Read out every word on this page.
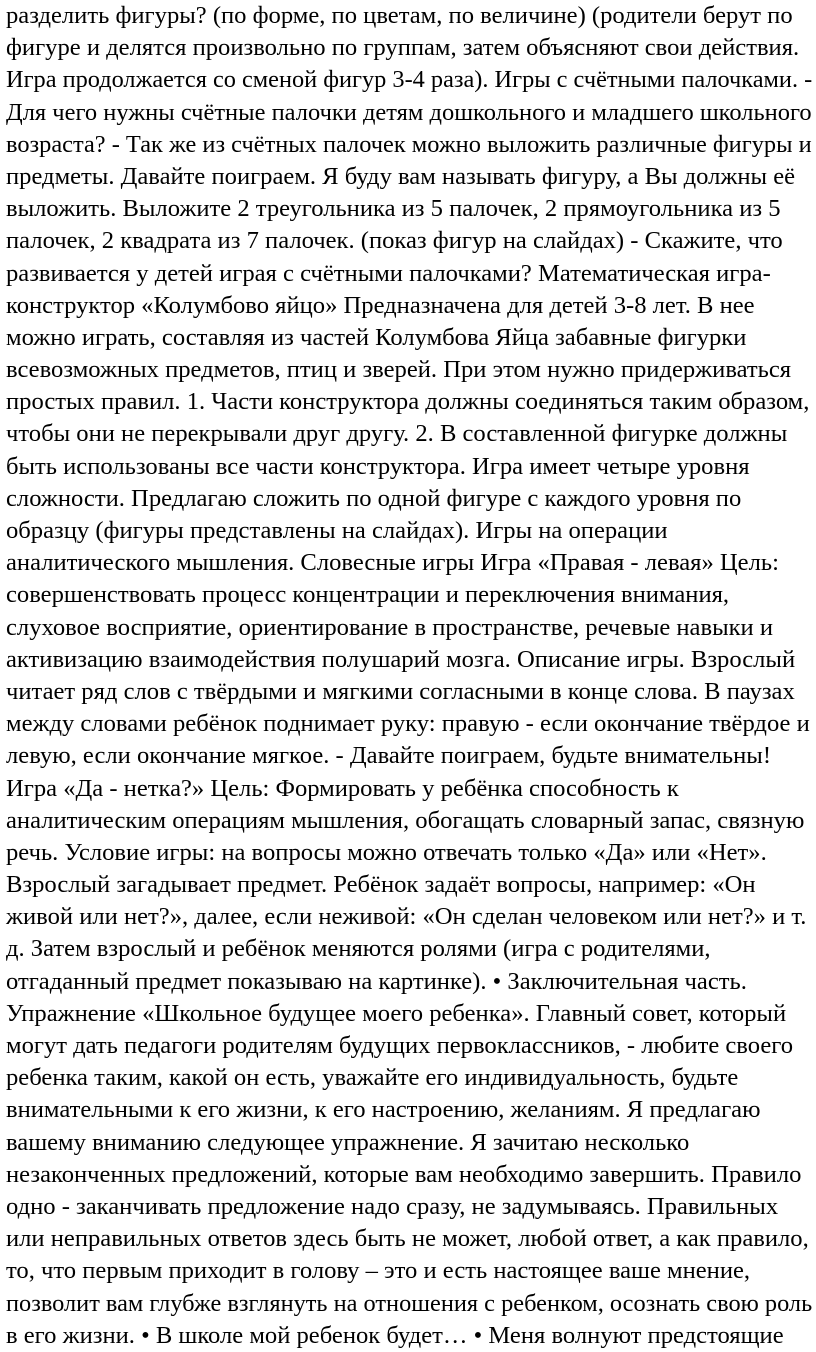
разделить фигуры? (по форме, по цветам, по величине) (родители берут по
фигуре и делятся произвольно по группам, затем объясняют свои действия.
Игра продолжается со сменой фигур 3-4 раза). Игры с счётными палочками. -
Для чего нужны счётные палочки детям дошкольного и младшего школьного
возраста? - Так же из счётных палочек можно выложить различные фигуры и
предметы. Давайте поиграем. Я буду вам называть фигуру, а Вы должны её
выложить. Выложите 2 треугольника из 5 палочек, 2 прямоугольника из 5
палочек, 2 квадрата из 7 палочек. (показ фигур на слайдах) - Скажите, что
развивается у детей играя с счётными палочками? Математическая игра-
конструктор «Колумбово яйцо» Предназначена для детей 3-8 лет. В нее
можно играть, составляя из частей Колумбова Яйца забавные фигурки
всевозможных предметов, птиц и зверей. При этом нужно придерживаться
простых правил. 1. Части конструктора должны соединяться таким образом,
чтобы они не перекрывали друг другу. 2. В составленной фигурке должны
быть использованы все части конструктора. Игра имеет четыре уровня
сложности. Предлагаю сложить по одной фигуре с каждого уровня по
образцу (фигуры представлены на слайдах). Игры на операции
аналитического мышления. Словесные игры Игра «Правая - левая» Цель:
совершенствовать процесс концентрации и переключения внимания,
слуховое восприятие, ориентирование в пространстве, речевые навыки и
активизацию взаимодействия полушарий мозга. Описание игры. Взрослый
читает ряд слов с твёрдыми и мягкими согласными в конце слова. В паузах
между словами ребёнок поднимает руку: правую - если окончание твёрдое и
левую, если окончание мягкое. - Давайте поиграем, будьте внимательны!
Игра «Да - нетка?» Цель: Формировать у ребёнка способность к
аналитическим операциям мышления, обогащать словарный запас, связную
речь. Условие игры: на вопросы можно отвечать только «Да» или «Нет».
Взрослый загадывает предмет. Ребёнок задаёт вопросы, например: «Он
живой или нет?», далее, если неживой: «Он сделан человеком или нет?» и т.
д. Затем взрослый и ребёнок меняются ролями (игра с родителями,
отгаданный предмет показываю на картинке). • Заключительная часть.
Упражнение «Школьное будущее моего ребенка». Главный совет, который
могут дать педагоги родителям будущих первоклассников, - любите своего
ребенка таким, какой он есть, уважайте его индивидуальность, будьте
внимательными к его жизни, к его настроению, желаниям. Я предлагаю
вашему вниманию следующее упражнение. Я зачитаю несколько
незаконченных предложений, которые вам необходимо завершить. Правило
одно - заканчивать предложение надо сразу, не задумываясь. Правильных
или неправильных ответов здесь быть не может, любой ответ, а как правило,
то, что первым приходит в голову – это и есть настоящее ваше мнение,
позволит вам глубже взглянуть на отношения с ребенком, осознать свою роль
в его жизни. • В школе мой ребенок будет… • Меня волнуют предстоящие
